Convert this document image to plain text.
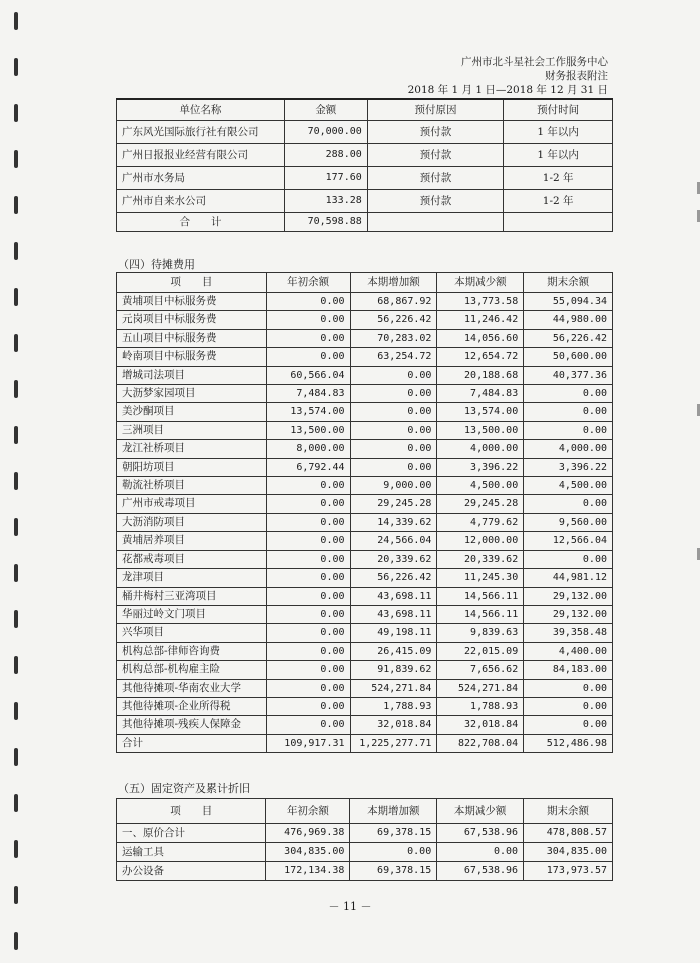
广州市北斗星社会工作服务中心
财务报表附注
2018 年 1 月 1 日—2018 年 12 月 31 日
单位名称	金额	预付原因	预付时间
广东风光国际旅行社有限公司	70,000.00	预付款	1 年以内
广州日报报业经营有限公司	288.00	预付款	1 年以内
广州市水务局	177.60	预付款	1-2 年
广州市自来水公司	133.28	预付款	1-2 年
合　　计	70,598.88		
（四）待摊费用
项　　目	年初余额	本期增加额	本期减少额	期末余额
黄埔项目中标服务费	0.00	68,867.92	13,773.58	55,094.34
元岗项目中标服务费	0.00	56,226.42	11,246.42	44,980.00
五山项目中标服务费	0.00	70,283.02	14,056.60	56,226.42
岭南项目中标服务费	0.00	63,254.72	12,654.72	50,600.00
增城司法项目	60,566.04	0.00	20,188.68	40,377.36
大沥梦家园项目	7,484.83	0.00	7,484.83	0.00
美沙酮项目	13,574.00	0.00	13,574.00	0.00
三洲项目	13,500.00	0.00	13,500.00	0.00
龙江社桥项目	8,000.00	0.00	4,000.00	4,000.00
朝阳坊项目	6,792.44	0.00	3,396.22	3,396.22
勒流社桥项目	0.00	9,000.00	4,500.00	4,500.00
广州市戒毒项目	0.00	29,245.28	29,245.28	0.00
大沥消防项目	0.00	14,339.62	4,779.62	9,560.00
黄埔居养项目	0.00	24,566.04	12,000.00	12,566.04
花都戒毒项目	0.00	20,339.62	20,339.62	0.00
龙津项目	0.00	56,226.42	11,245.30	44,981.12
桶井梅村三亚湾项目	0.00	43,698.11	14,566.11	29,132.00
华丽过岭文门项目	0.00	43,698.11	14,566.11	29,132.00
兴华项目	0.00	49,198.11	9,839.63	39,358.48
机构总部-律师咨询费	0.00	26,415.09	22,015.09	4,400.00
机构总部-机构雇主险	0.00	91,839.62	7,656.62	84,183.00
其他待摊项-华南农业大学	0.00	524,271.84	524,271.84	0.00
其他待摊项-企业所得税	0.00	1,788.93	1,788.93	0.00
其他待摊项-残疾人保障金	0.00	32,018.84	32,018.84	0.00
合计	109,917.31	1,225,277.71	822,708.04	512,486.98
（五）固定资产及累计折旧
项　　目	年初余额	本期增加额	本期减少额	期末余额
一、原价合计	476,969.38	69,378.15	67,538.96	478,808.57
运输工具	304,835.00	0.00	0.00	304,835.00
办公设备	172,134.38	69,378.15	67,538.96	173,973.57
－ 11 －
